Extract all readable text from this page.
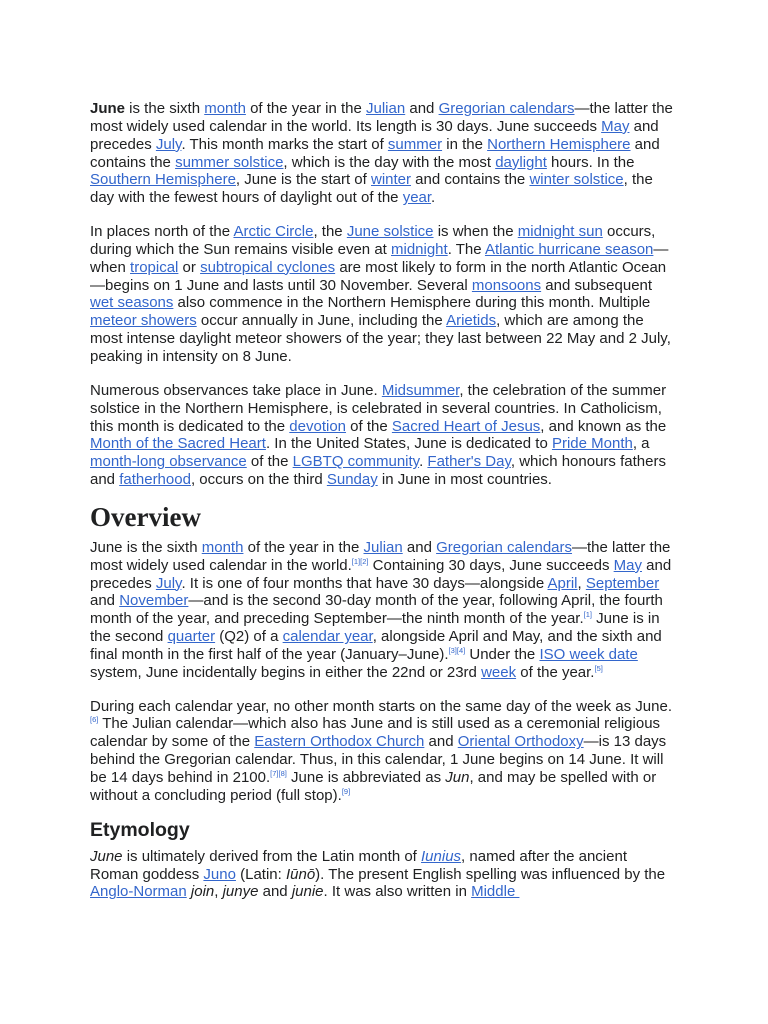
June is the sixth month of the year in the Julian and Gregorian calendars—the latter the most widely used calendar in the world. Its length is 30 days. June succeeds May and precedes July. This month marks the start of summer in the Northern Hemisphere and contains the summer solstice, which is the day with the most daylight hours. In the Southern Hemisphere, June is the start of winter and contains the winter solstice, the day with the fewest hours of daylight out of the year.

In places north of the Arctic Circle, the June solstice is when the midnight sun occurs, during which the Sun remains visible even at midnight. The Atlantic hurricane season—when tropical or subtropical cyclones are most likely to form in the north Atlantic Ocean—begins on 1 June and lasts until 30 November. Several monsoons and subsequent wet seasons also commence in the Northern Hemisphere during this month. Multiple meteor showers occur annually in June, including the Arietids, which are among the most intense daylight meteor showers of the year; they last between 22 May and 2 July, peaking in intensity on 8 June.

Numerous observances take place in June. Midsummer, the celebration of the summer solstice in the Northern Hemisphere, is celebrated in several countries. In Catholicism, this month is dedicated to the devotion of the Sacred Heart of Jesus, and known as the Month of the Sacred Heart. In the United States, June is dedicated to Pride Month, a month-long observance of the LGBTQ community. Father's Day, which honours fathers and fatherhood, occurs on the third Sunday in June in most countries.

Overview

June is the sixth month of the year in the Julian and Gregorian calendars—the latter the most widely used calendar in the world.[1][2] Containing 30 days, June succeeds May and precedes July. It is one of four months that have 30 days—alongside April, September and November—and is the second 30-day month of the year, following April, the fourth month of the year, and preceding September—the ninth month of the year.[1] June is in the second quarter (Q2) of a calendar year, alongside April and May, and the sixth and final month in the first half of the year (January–June).[3][4] Under the ISO week date system, June incidentally begins in either the 22nd or 23rd week of the year.[5]

During each calendar year, no other month starts on the same day of the week as June.[6] The Julian calendar—which also has June and is still used as a ceremonial religious calendar by some of the Eastern Orthodox Church and Oriental Orthodoxy—is 13 days behind the Gregorian calendar. Thus, in this calendar, 1 June begins on 14 June. It will be 14 days behind in 2100.[7][8] June is abbreviated as Jun, and may be spelled with or without a concluding period (full stop).[9]

Etymology

June is ultimately derived from the Latin month of Iunius, named after the ancient Roman goddess Juno (Latin: Iūnō). The present English spelling was influenced by the Anglo-Norman join, junye and junie. It was also written in Middle
